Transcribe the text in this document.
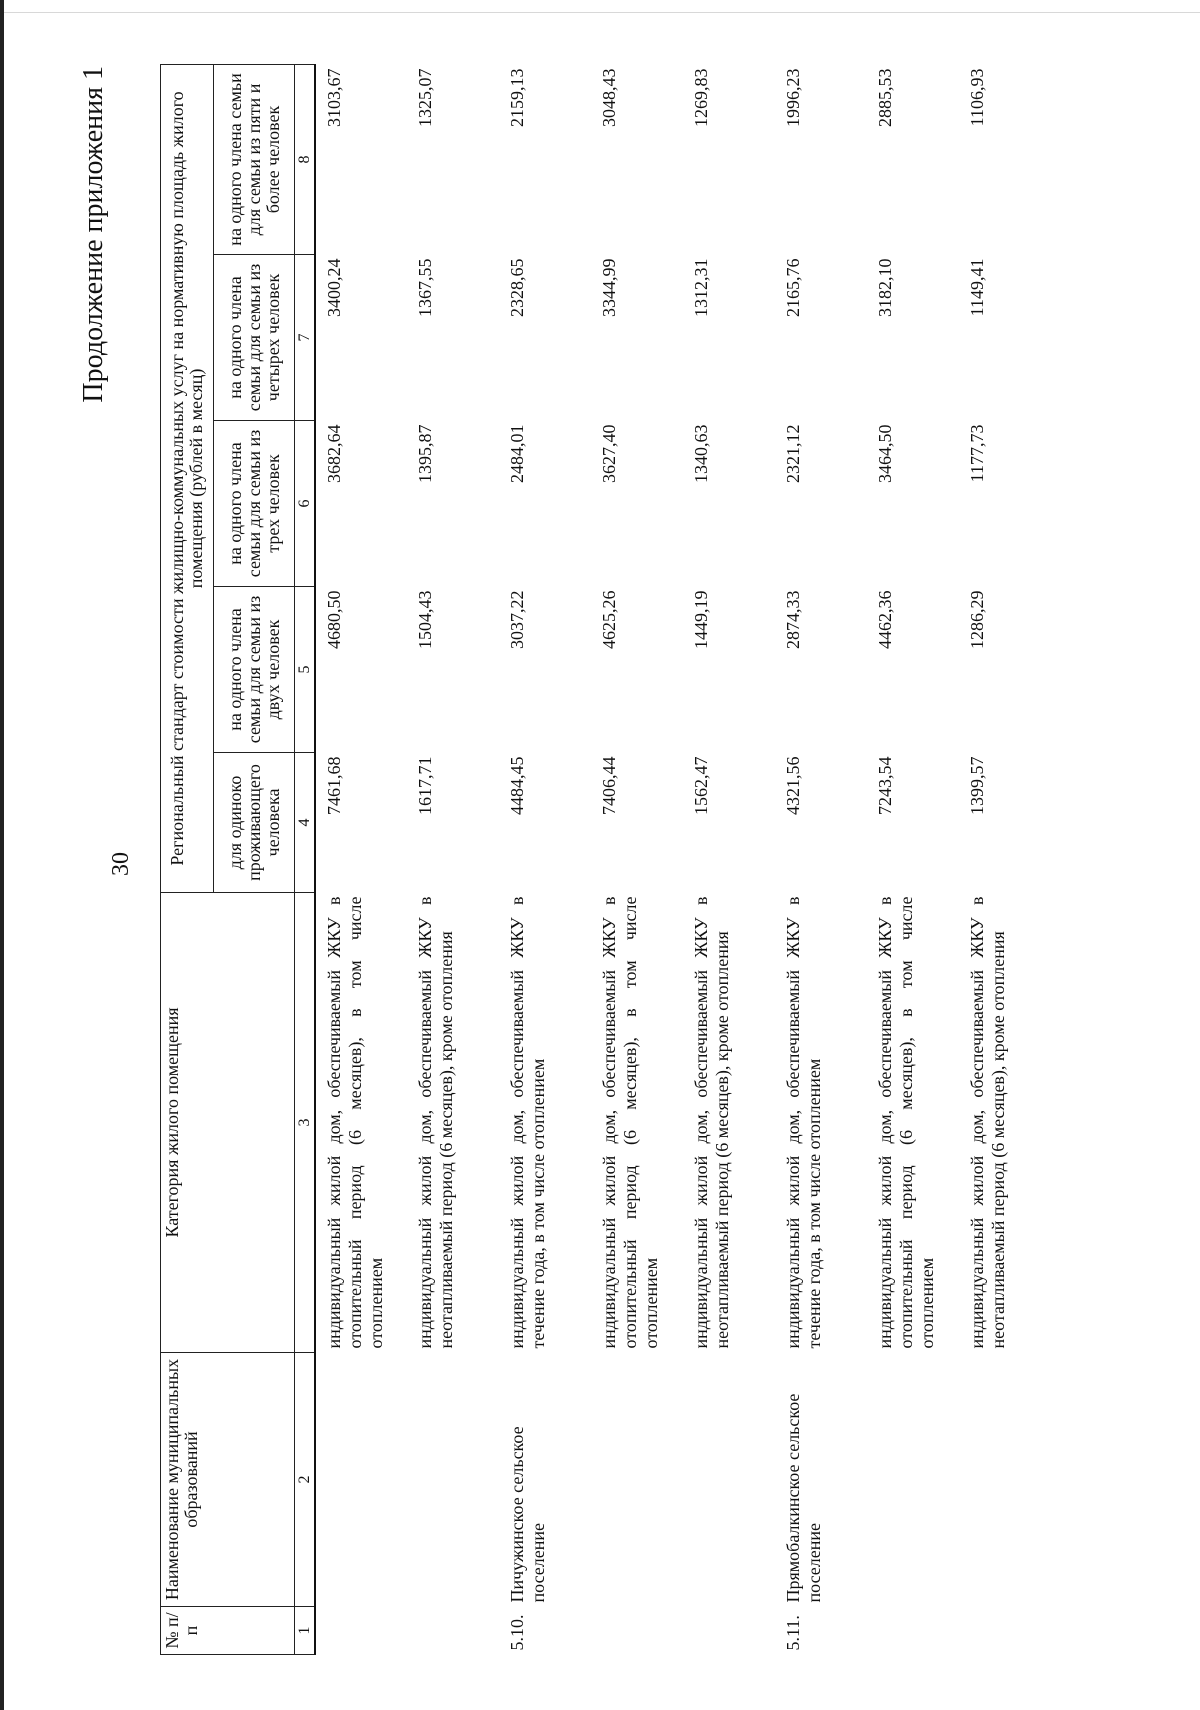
30
Продолжение приложения 1
№ п/п	Наименование муниципальных образований	Категория жилого помещения	Региональный стандарт стоимости жилищно-коммунальных услуг на нормативную площадь жилого помещения (рублей в месяц)				
			для одиноко проживающего человека	на одного члена семьи для семьи из двух человек	на одного члена семьи для семьи из трех человек	на одного члена семьи для семьи из четырех человек	на одного члена семьи для семьи из пяти и более человек
1	2	3	4	5	6	7	8
		индивидуальный жилой дом, обеспечиваемый ЖКУ в отопительный период (6 месяцев), в том числе отоплением	7461,68	4680,50	3682,64	3400,24	3103,67
		индивидуальный жилой дом, обеспечиваемый ЖКУ в неотапливаемый период (6 месяцев), кроме отопления	1617,71	1504,43	1395,87	1367,55	1325,07
5.10.	Пичужинское сельское поселение	индивидуальный жилой дом, обеспечиваемый ЖКУ в течение года, в том числе отоплением	4484,45	3037,22	2484,01	2328,65	2159,13
		индивидуальный жилой дом, обеспечиваемый ЖКУ в отопительный период (6 месяцев), в том числе отоплением	7406,44	4625,26	3627,40	3344,99	3048,43
		индивидуальный жилой дом, обеспечиваемый ЖКУ в неотапливаемый период (6 месяцев), кроме отопления	1562,47	1449,19	1340,63	1312,31	1269,83
5.11.	Прямобалкинское сельское поселение	индивидуальный жилой дом, обеспечиваемый ЖКУ в течение года, в том числе отоплением	4321,56	2874,33	2321,12	2165,76	1996,23
		индивидуальный жилой дом, обеспечиваемый ЖКУ в отопительный период (6 месяцев), в том числе отоплением	7243,54	4462,36	3464,50	3182,10	2885,53
		индивидуальный жилой дом, обеспечиваемый ЖКУ в неотапливаемый период (6 месяцев), кроме отопления	1399,57	1286,29	1177,73	1149,41	1106,93
